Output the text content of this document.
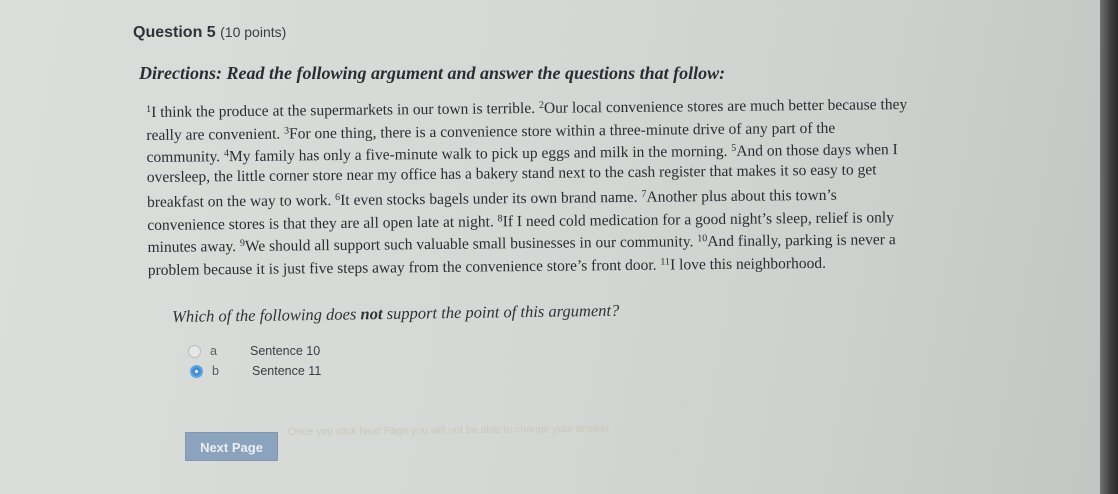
Question 5 (10 points)
Directions: Read the following argument and answer the questions that follow:
$^1$I think the produce at the supermarkets in our town is terrible. $^2$Our local convenience stores are much better because they
really are convenient. $^3$For one thing, there is a convenience store within a three-minute drive of any part of the
community. $^4$My family has only a five-minute walk to pick up eggs and milk in the morning. $^5$And on those days when I
oversleep, the little corner store near my office has a bakery stand next to the cash register that makes it so easy to get
breakfast on the way to work. $^6$It even stocks bagels under its own brand name. $^7$Another plus about this town’s
convenience stores is that they are all open late at night. $^8$If I need cold medication for a good night’s sleep, relief is only
minutes away. $^9$We should all support such valuable small businesses in our community. $^{10}$And finally, parking is never a
problem because it is just five steps away from the convenience store’s front door. $^{11}$I love this neighborhood.
Which of the following does not support the point of this argument?
a	Sentence 10
b	Sentence 11
Next Page
Once you click Next Page you will not be able to change your answer
